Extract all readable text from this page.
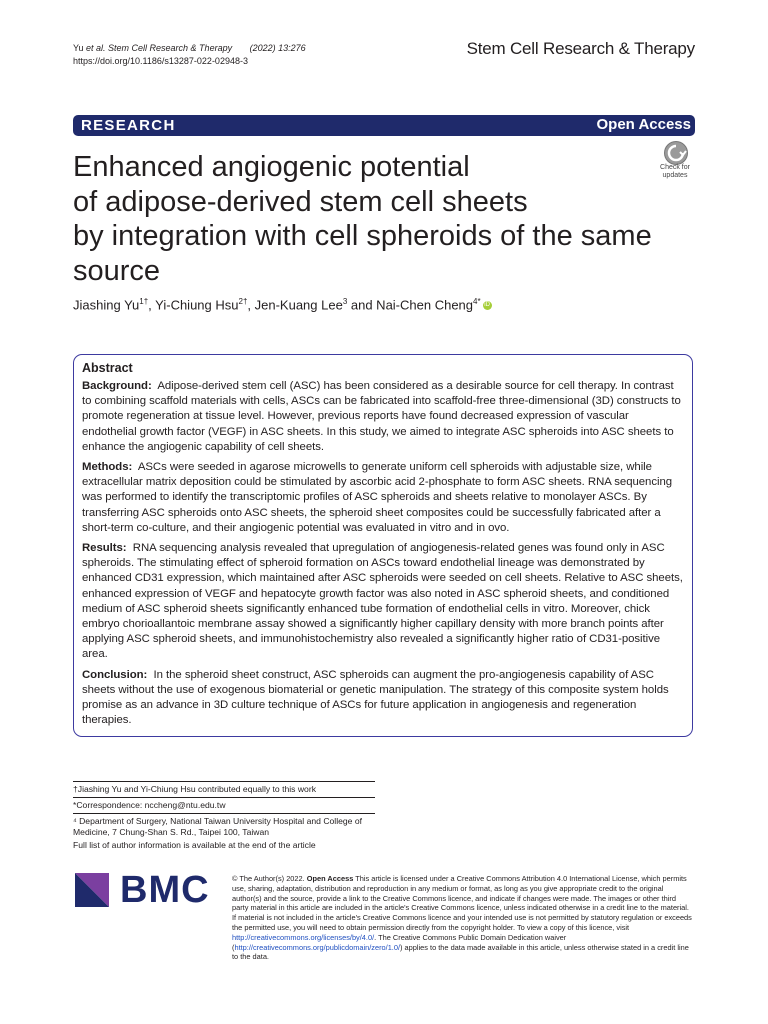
Yu et al. Stem Cell Research & Therapy (2022) 13:276
https://doi.org/10.1186/s13287-022-02948-3
Stem Cell Research & Therapy
RESEARCH	Open Access
Enhanced angiogenic potential
of adipose-derived stem cell sheets
by integration with cell spheroids of the same
source
Check for
updates
Jiashing $Yu^{1\dagger}$, Yi-Chiung Hsu$^{2\dagger}$, Jen-Kuang Lee$^3$ and Nai-Chen Cheng$^{4*}$ iD
Abstract

Background: Adipose-derived stem cell (ASC) has been considered as a desirable source for cell therapy. In contrast to combining scaffold materials with cells, ASCs can be fabricated into scaffold-free three-dimensional (3D) constructs to promote regeneration at tissue level. However, previous reports have found decreased expression of vascular endothelial growth factor (VEGF) in ASC sheets. In this study, we aimed to integrate ASC spheroids into ASC sheets to enhance the angiogenic capability of cell sheets.

Methods: ASCs were seeded in agarose microwells to generate uniform cell spheroids with adjustable size, while extracellular matrix deposition could be stimulated by ascorbic acid 2-phosphate to form ASC sheets. RNA sequencing was performed to identify the transcriptomic profiles of ASC spheroids and sheets relative to monolayer ASCs. By transferring ASC spheroids onto ASC sheets, the spheroid sheet composites could be successfully fabricated after a short-term co-culture, and their angiogenic potential was evaluated in vitro and in ovo.

Results: RNA sequencing analysis revealed that upregulation of angiogenesis-related genes was found only in ASC spheroids. The stimulating effect of spheroid formation on ASCs toward endothelial lineage was demonstrated by enhanced CD31 expression, which maintained after ASC spheroids were seeded on cell sheets. Relative to ASC sheets, enhanced expression of VEGF and hepatocyte growth factor was also noted in ASC spheroid sheets, and conditioned medium of ASC spheroid sheets significantly enhanced tube formation of endothelial cells in vitro. Moreover, chick embryo chorioallantoic membrane assay showed a significantly higher capillary density with more branch points after applying ASC spheroid sheets, and immunohistochemistry also revealed a significantly higher ratio of CD31-positive area.

Conclusion: In the spheroid sheet construct, ASC spheroids can augment the pro-angiogenesis capability of ASC sheets without the use of exogenous biomaterial or genetic manipulation. The strategy of this composite system holds promise as an advance in 3D culture technique of ASCs for future application in angiogenesis and regeneration therapies.

†Jiashing Yu and Yi-Chiung Hsu contributed equally to this work
*Correspondence: nccheng@ntu.edu.tw
⁴ Department of Surgery, National Taiwan University Hospital and College of Medicine, 7 Chung-Shan S. Rd., Taipei 100, Taiwan
Full list of author information is available at the end of the article
BMC	© The Author(s) 2022. Open Access This article is licensed under a Creative Commons Attribution 4.0 International License, which permits use, sharing, adaptation, distribution and reproduction in any medium or format, as long as you give appropriate credit to the original author(s) and the source, provide a link to the Creative Commons licence, and indicate if changes were made. The images or other third party material in this article are included in the article's Creative Commons licence, unless indicated otherwise in a credit line to the material. If material is not included in the article's Creative Commons licence and your intended use is not permitted by statutory regulation or exceeds the permitted use, you will need to obtain permission directly from the copyright holder. To view a copy of this licence, visit http://creativecommons.org/licenses/by/4.0/. The Creative Commons Public Domain Dedication waiver (http://creativecommons.org/publicdomain/zero/1.0/) applies to the data made available in this article, unless otherwise stated in a credit line to the data.
